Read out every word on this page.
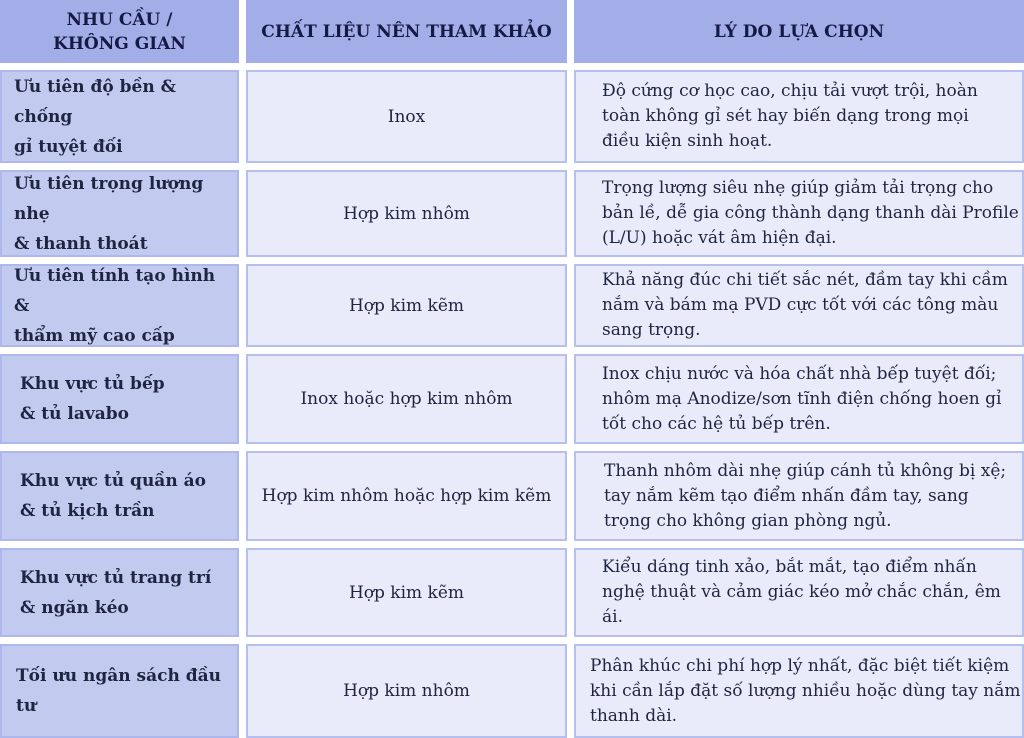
NHU CẦU /
KHÔNG GIAN
CHẤT LIỆU NÊN THAM KHẢO	LÝ DO LỰA CHỌN
Ưu tiên độ bền & chống
gỉ tuyệt đối
Inox
Độ cứng cơ học cao, chịu tải vượt trội, hoàn
toàn không gỉ sét hay biến dạng trong mọi
điều kiện sinh hoạt.
Ưu tiên trọng lượng nhẹ
& thanh thoát
Hợp kim nhôm
Trọng lượng siêu nhẹ giúp giảm tải trọng cho
bản lề, dễ gia công thành dạng thanh dài Profile
(L/U) hoặc vát âm hiện đại.
Ưu tiên tính tạo hình &
thẩm mỹ cao cấp
Hợp kim kẽm
Khả năng đúc chi tiết sắc nét, đầm tay khi cầm
nắm và bám mạ PVD cực tốt với các tông màu
sang trọng.
Khu vực tủ bếp
& tủ lavabo
Inox hoặc hợp kim nhôm
Inox chịu nước và hóa chất nhà bếp tuyệt đối;
nhôm mạ Anodize/sơn tĩnh điện chống hoen gỉ
tốt cho các hệ tủ bếp trên.
Khu vực tủ quần áo
& tủ kịch trần
Hợp kim nhôm hoặc hợp kim kẽm
Thanh nhôm dài nhẹ giúp cánh tủ không bị xệ;
tay nắm kẽm tạo điểm nhấn đầm tay, sang
trọng cho không gian phòng ngủ.
Khu vực tủ trang trí
& ngăn kéo
Hợp kim kẽm
Kiểu dáng tinh xảo, bắt mắt, tạo điểm nhấn
nghệ thuật và cảm giác kéo mở chắc chắn, êm ái.
Tối ưu ngân sách đầu tư
Hợp kim nhôm
Phân khúc chi phí hợp lý nhất, đặc biệt tiết kiệm
khi cần lắp đặt số lượng nhiều hoặc dùng tay nắm
thanh dài.
